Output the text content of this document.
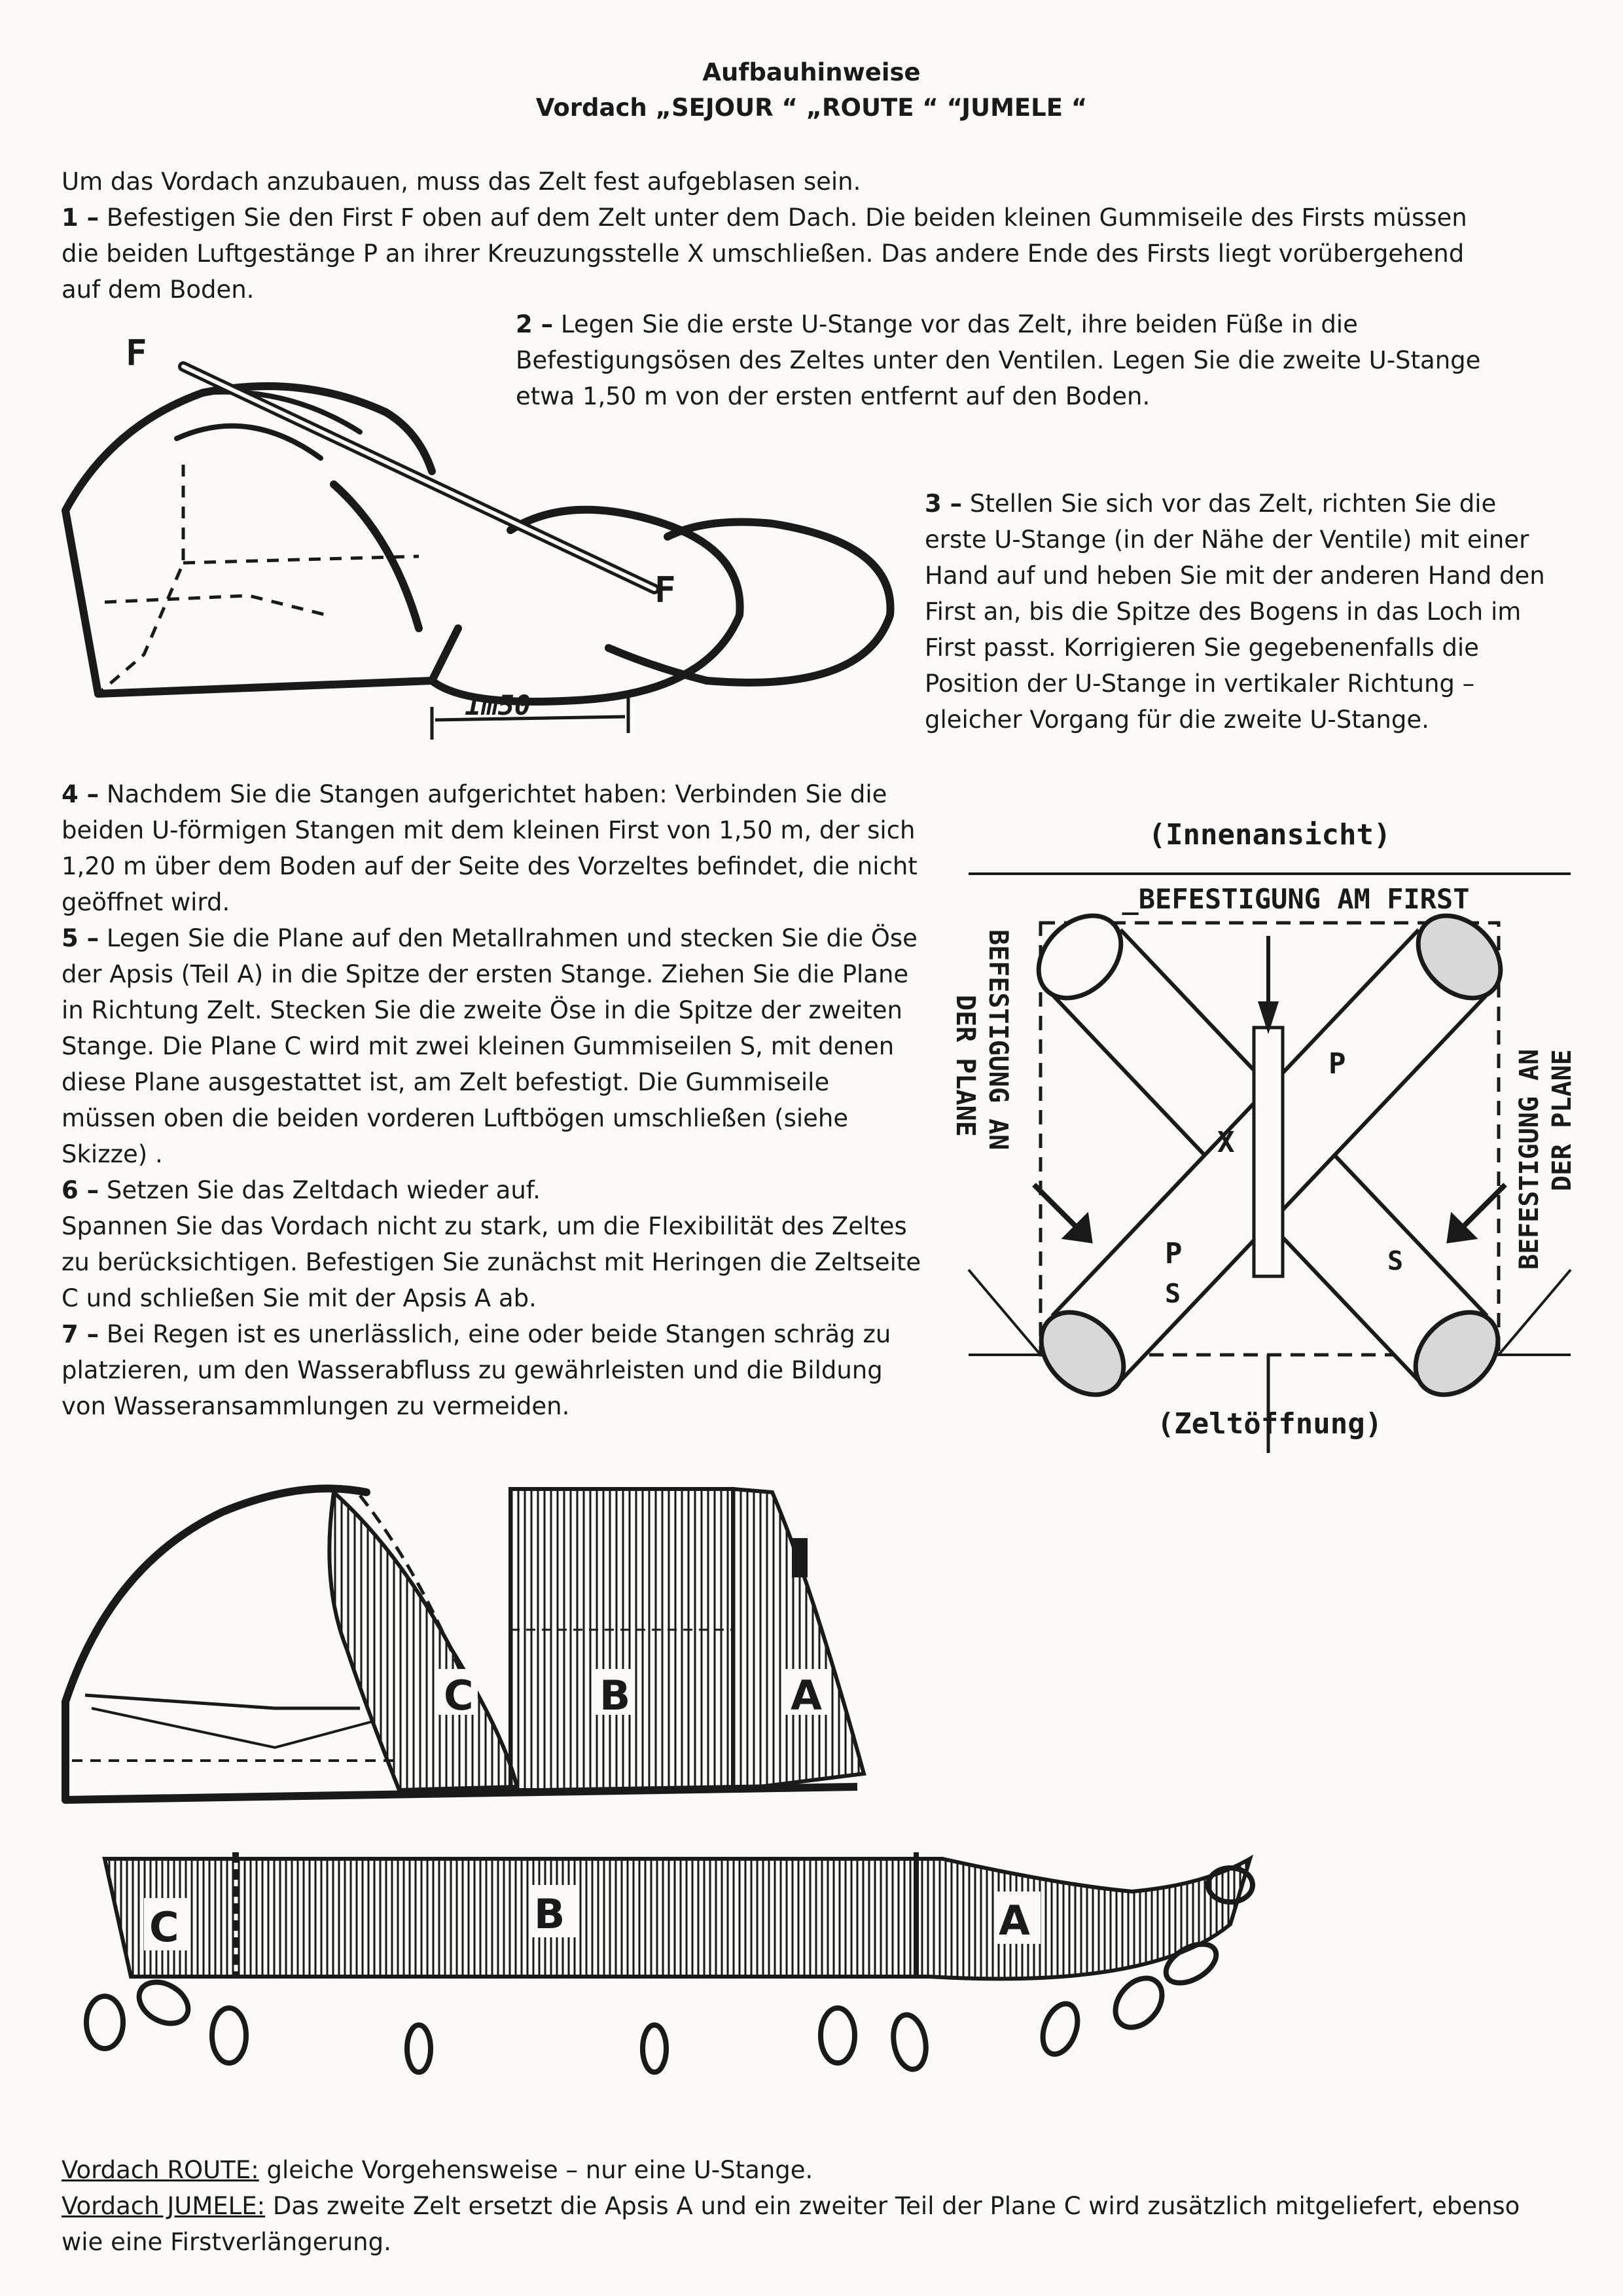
Aufbauhinweise
Vordach „SEJOUR “ „ROUTE “ “JUMELE “

Um das Vordach anzubauen, muss das Zelt fest aufgeblasen sein.

1 – Befestigen Sie den First F oben auf dem Zelt unter dem Dach. Die beiden kleinen Gummiseile des Firsts müssen die beiden Luftgestänge P an ihrer Kreuzungsstelle X umschließen. Das andere Ende des Firsts liegt vorübergehend auf dem Boden.

2 – Legen Sie die erste U-Stange vor das Zelt, ihre beiden Füße in die Befestigungsösen des Zeltes unter den Ventilen. Legen Sie die zweite U-Stange etwa 1,50 m von der ersten entfernt auf den Boden.
F
F
1m50
3 – Stellen Sie sich vor das Zelt, richten Sie die erste U-Stange (in der Nähe der Ventile) mit einer Hand auf und heben Sie mit der anderen Hand den First an, bis die Spitze des Bogens in das Loch im First passt. Korrigieren Sie gegebenenfalls die Position der U-Stange in vertikaler Richtung – gleicher Vorgang für die zweite U-Stange.

4 – Nachdem Sie die Stangen aufgerichtet haben: Verbinden Sie die beiden U-förmigen Stangen mit dem kleinen First von 1,50 m, der sich 1,20 m über dem Boden auf der Seite des Vorzeltes befindet, die nicht geöffnet wird.

5 – Legen Sie die Plane auf den Metallrahmen und stecken Sie die Öse der Apsis (Teil A) in die Spitze der ersten Stange. Ziehen Sie die Plane in Richtung Zelt. Stecken Sie die zweite Öse in die Spitze der zweiten Stange. Die Plane C wird mit zwei kleinen Gummiseilen S, mit denen diese Plane ausgestattet ist, am Zelt befestigt. Die Gummiseile müssen oben die beiden vorderen Luftbögen umschließen (siehe Skizze) .

6 – Setzen Sie das Zeltdach wieder auf.

Spannen Sie das Vordach nicht zu stark, um die Flexibilität des Zeltes zu berücksichtigen. Befestigen Sie zunächst mit Heringen die Zeltseite C und schließen Sie mit der Apsis A ab.

7 – Bei Regen ist es unerlässlich, eine oder beide Stangen schräg zu platzieren, um den Wasserabfluss zu gewährleisten und die Bildung von Wasseransammlungen zu vermeiden.

(Innenansicht)
_BEFESTIGUNG AM FIRST
P
P
X
S
S
BEFESTIGUNG AN
DER PLANE	BEFESTIGUNG AN DER PLANE
(Zeltöffnung)
C	B	A
C	B	A

Vordach ROUTE: gleiche Vorgehensweise – nur eine U-Stange.

Vordach JUMELE: Das zweite Zelt ersetzt die Apsis A und ein zweiter Teil der Plane C wird zusätzlich mitgeliefert, ebenso wie eine Firstverlängerung.
